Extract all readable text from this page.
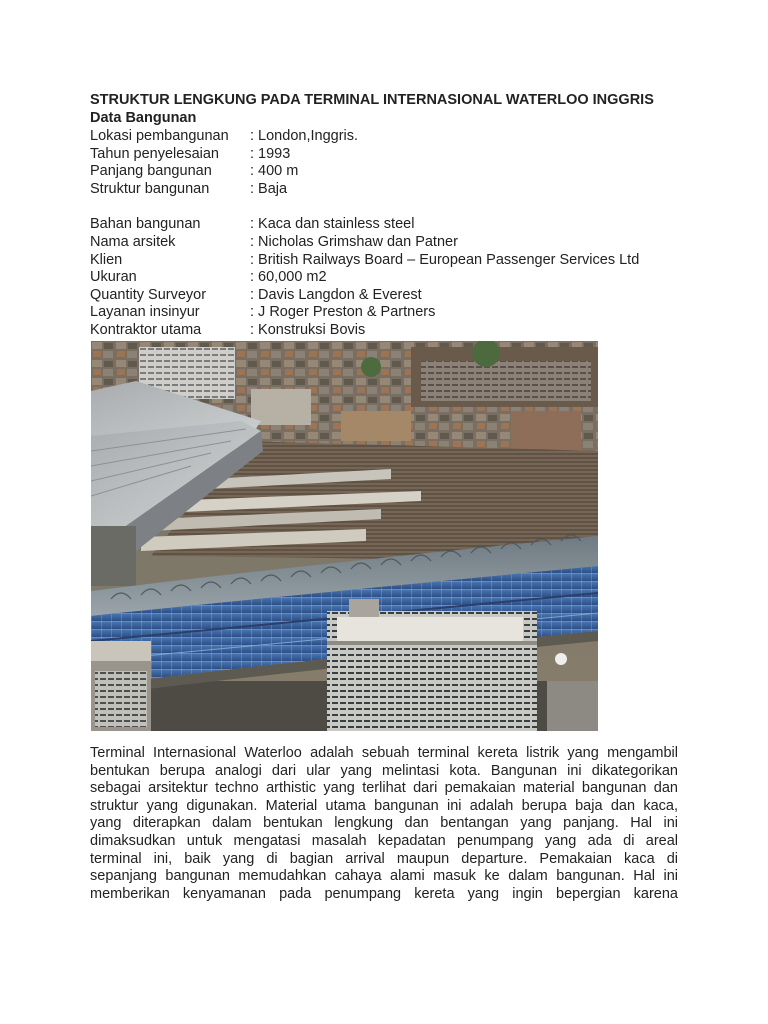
STRUKTUR LENGKUNG PADA TERMINAL INTERNASIONAL WATERLOO INGGRIS

Data Bangunan

Lokasi pembangunan	: London,Inggris.
Tahun penyelesaian	: 1993
Panjang bangunan	: 400 m
Struktur bangunan	: Baja
Bahan bangunan	: Kaca dan stainless steel
Nama arsitek	: Nicholas Grimshaw dan Patner
Klien	: British Railways Board – European Passenger Services Ltd
Ukuran	: 60,000 m2
Quantity Surveyor	: Davis Langdon & Everest
Layanan insinyur	: J Roger Preston & Partners
Kontraktor utama	: Konstruksi Bovis
Terminal Internasional Waterloo adalah sebuah terminal kereta listrik yang mengambil
bentukan berupa analogi dari ular yang melintasi kota. Bangunan ini dikategorikan
sebagai arsitektur techno arthistic yang terlihat dari pemakaian material bangunan dan
struktur yang digunakan. Material utama bangunan ini adalah berupa baja dan kaca,
yang diterapkan dalam bentukan lengkung dan bentangan yang panjang. Hal ini
dimaksudkan untuk mengatasi masalah kepadatan penumpang yang ada di areal
terminal ini, baik yang di bagian arrival maupun departure. Pemakaian kaca di
sepanjang bangunan memudahkan cahaya alami masuk ke dalam bangunan. Hal ini
memberikan kenyamanan pada penumpang kereta yang ingin bepergian karena
